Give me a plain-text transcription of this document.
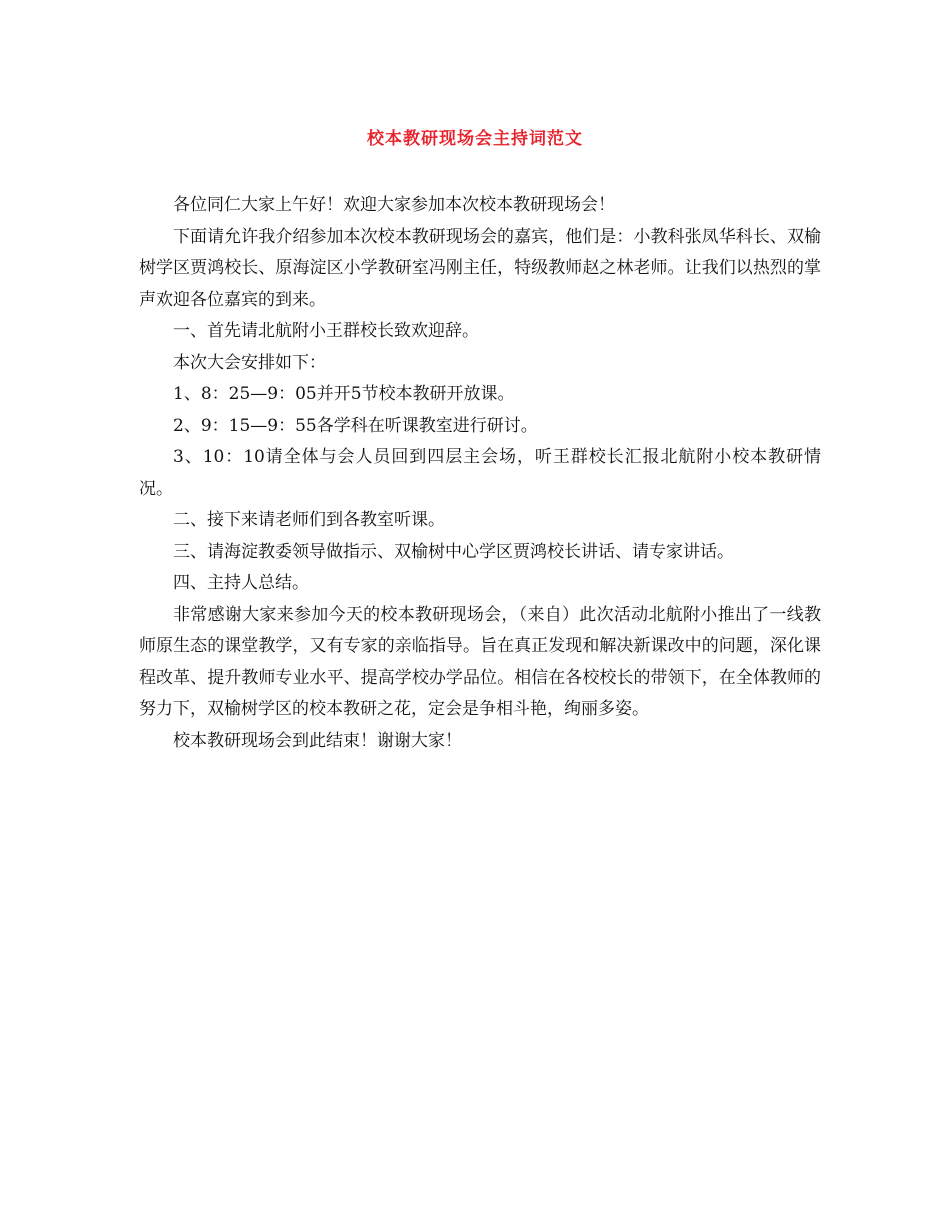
校本教研现场会主持词范文

各位同仁大家上午好！欢迎大家参加本次校本教研现场会！

下面请允许我介绍参加本次校本教研现场会的嘉宾，他们是：小教科张凤华科长、双榆树学区贾鸿校长、原海淀区小学教研室冯刚主任，特级教师赵之林老师。让我们以热烈的掌声欢迎各位嘉宾的到来。

一、首先请北航附小王群校长致欢迎辞。

本次大会安排如下：

1、8：25—9：05并开5节校本教研开放课。

2、9：15—9：55各学科在听课教室进行研讨。

3、10：10请全体与会人员回到四层主会场，听王群校长汇报北航附小校本教研情况。

二、接下来请老师们到各教室听课。

三、请海淀教委领导做指示、双榆树中心学区贾鸿校长讲话、请专家讲话。

四、主持人总结。

非常感谢大家来参加今天的校本教研现场会，（来自）此次活动北航附小推出了一线教师原生态的课堂教学，又有专家的亲临指导。旨在真正发现和解决新课改中的问题，深化课程改革、提升教师专业水平、提高学校办学品位。相信在各校校长的带领下，在全体教师的努力下，双榆树学区的校本教研之花，定会是争相斗艳，绚丽多姿。

校本教研现场会到此结束！谢谢大家！
